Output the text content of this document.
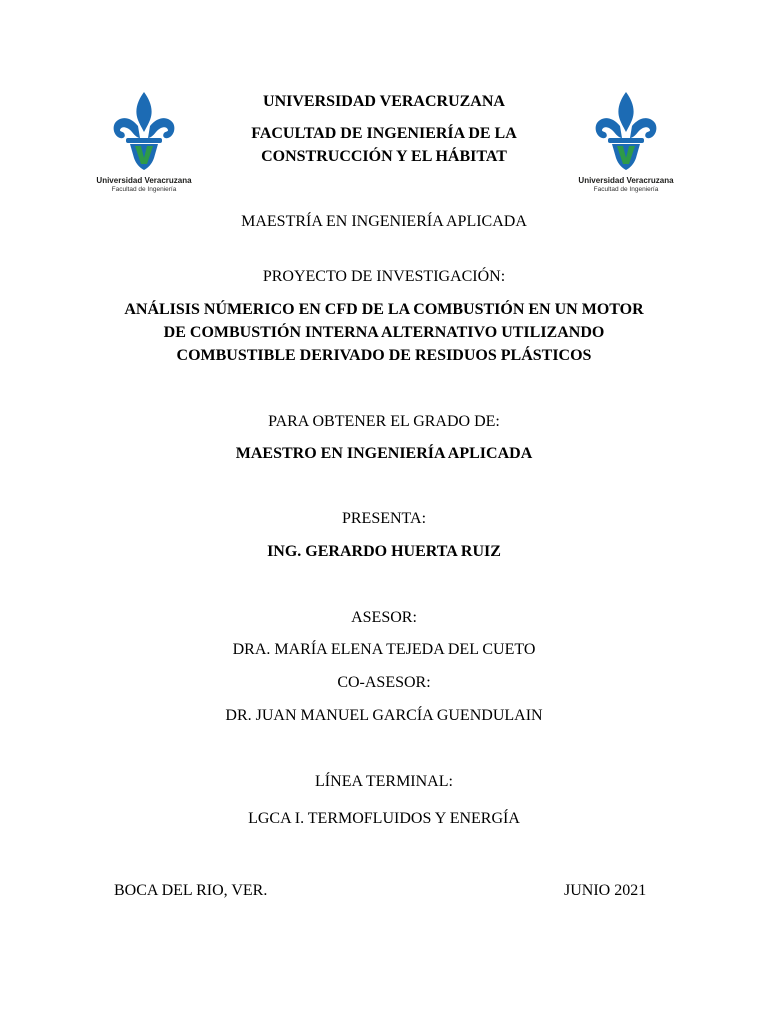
Universidad Veracruzana
Facultad de Ingeniería
Universidad Veracruzana
Facultad de Ingeniería
UNIVERSIDAD VERACRUZANA
FACULTAD DE INGENIERÍA DE LA
CONSTRUCCIÓN Y EL HÁBITAT
MAESTRÍA EN INGENIERÍA APLICADA
PROYECTO DE INVESTIGACIÓN:
ANÁLISIS NÚMERICO EN CFD DE LA COMBUSTIÓN EN UN MOTOR
DE COMBUSTIÓN INTERNA ALTERNATIVO UTILIZANDO
COMBUSTIBLE DERIVADO DE RESIDUOS PLÁSTICOS
PARA OBTENER EL GRADO DE:
MAESTRO EN INGENIERÍA APLICADA
PRESENTA:
ING. GERARDO HUERTA RUIZ
ASESOR:
DRA. MARÍA ELENA TEJEDA DEL CUETO
CO-ASESOR:
DR. JUAN MANUEL GARCÍA GUENDULAIN
LÍNEA TERMINAL:
LGCA I. TERMOFLUIDOS Y ENERGÍA
BOCA DEL RIO, VER.	JUNIO 2021
